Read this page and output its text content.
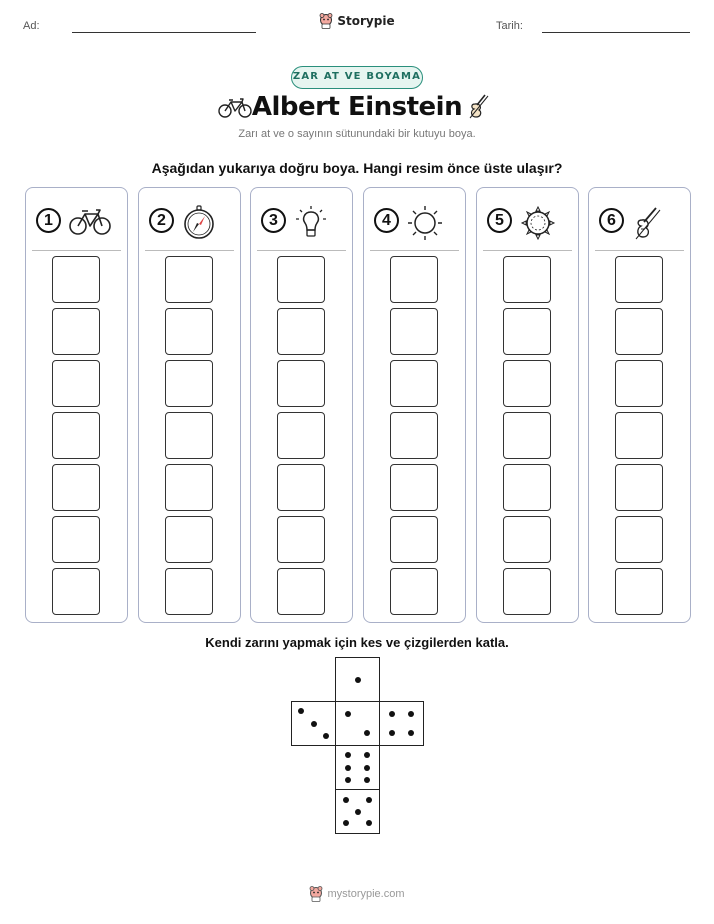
Ad:	Tarih:
Storypie
ZAR AT VE BOYAMA
Albert Einstein
Zarı at ve o sayının sütunundaki bir kutuyu boya.
Aşağıdan yukarıya doğru boya. Hangi resim önce üste ulaşır?
1	2	3	4	5	6
Kendi zarını yapmak için kes ve çizgilerden katla.
mystorypie.com
